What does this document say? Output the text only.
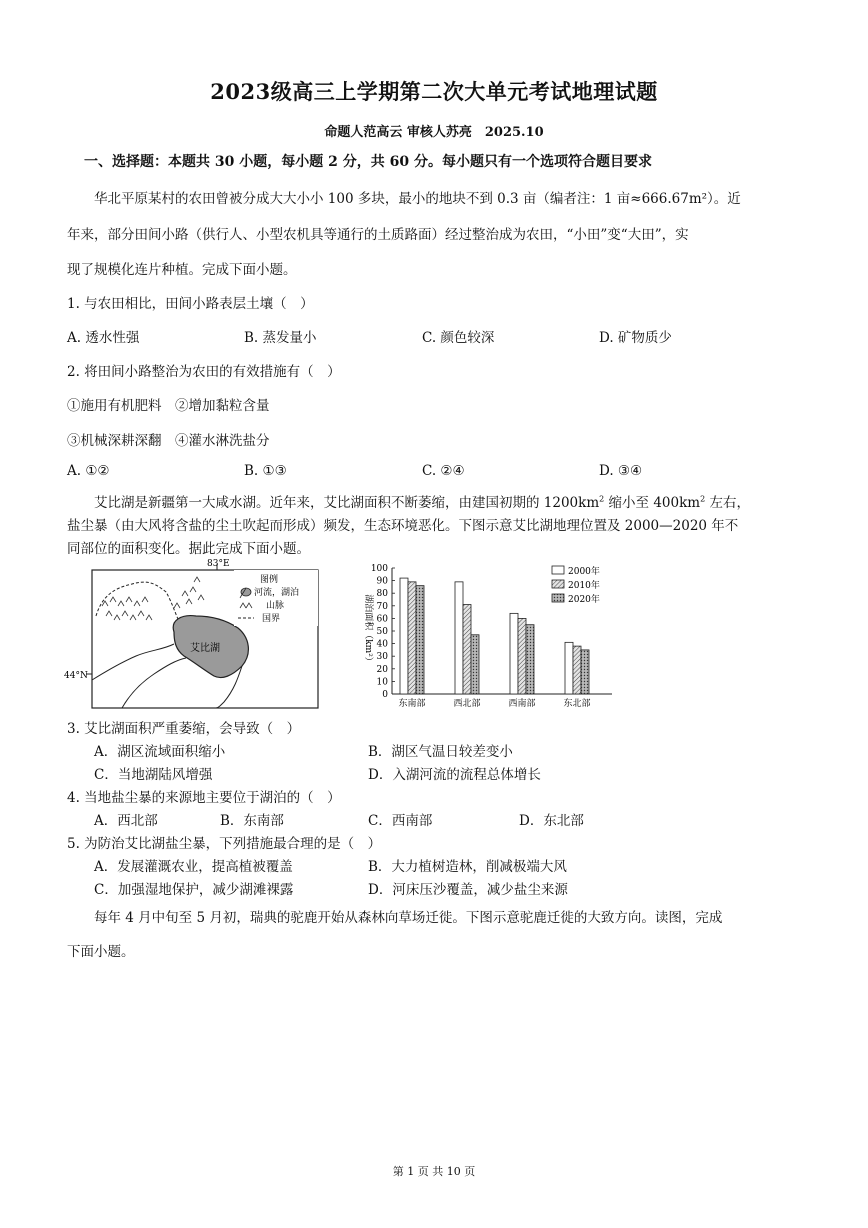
2023级高三上学期第二次大单元考试地理试题
命题人范高云 审核人苏亮　2025.10
一、选择题：本题共 30 小题，每小题 2 分，共 60 分。每小题只有一个选项符合题目要求
华北平原某村的农田曾被分成大大小小 100 多块，最小的地块不到 0.3 亩（编者注：1 亩≈666.67m²）。近
年来，部分田间小路（供行人、小型农机具等通行的土质路面）经过整治成为农田，“小田”变“大田”，实
现了规模化连片种植。完成下面小题。
1. 与农田相比，田间小路表层土壤（　）
A. 透水性强	B. 蒸发量小	C. 颜色较深	D. 矿物质少
2. 将田间小路整治为农田的有效措施有（　）
①施用有机肥料　②增加黏粒含量
③机械深耕深翻　④灌水淋洗盐分
A. ①②	B. ①③	C. ②④	D. ③④
艾比湖是新疆第一大咸水湖。近年来，艾比湖面积不断萎缩，由建国初期的 $1200km^2$ 缩小至 $400km^2$ 左右，
盐尘暴（由大风将含盐的尘土吹起而形成）频发，生态环境恶化。下图示意艾比湖地理位置及 2000—2020 年不
同部位的面积变化。据此完成下面小题。
83°E
44°N
艾比湖
图例
河流，湖泊
山脉
国界	湖泊面积（km²）
0
10
20
30
40
50
60
70
80
90
100
东南部	西北部	西南部	东北部
2000年
2010年
2020年
3. 艾比湖面积严重萎缩，会导致（　）
A．湖区流域面积缩小	B．湖区气温日较差变小
C．当地湖陆风增强	D．入湖河流的流程总体增长
4. 当地盐尘暴的来源地主要位于湖泊的（　）
A．西北部	B．东南部	C．西南部	D．东北部
5. 为防治艾比湖盐尘暴，下列措施最合理的是（　）
A．发展灌溉农业，提高植被覆盖	B．大力植树造林，削减极端大风
C．加强湿地保护，减少湖滩裸露	D．河床压沙覆盖，减少盐尘来源
每年 4 月中旬至 5 月初，瑞典的驼鹿开始从森林向草场迁徙。下图示意驼鹿迁徙的大致方向。读图，完成
下面小题。
第 1 页 共 10 页
